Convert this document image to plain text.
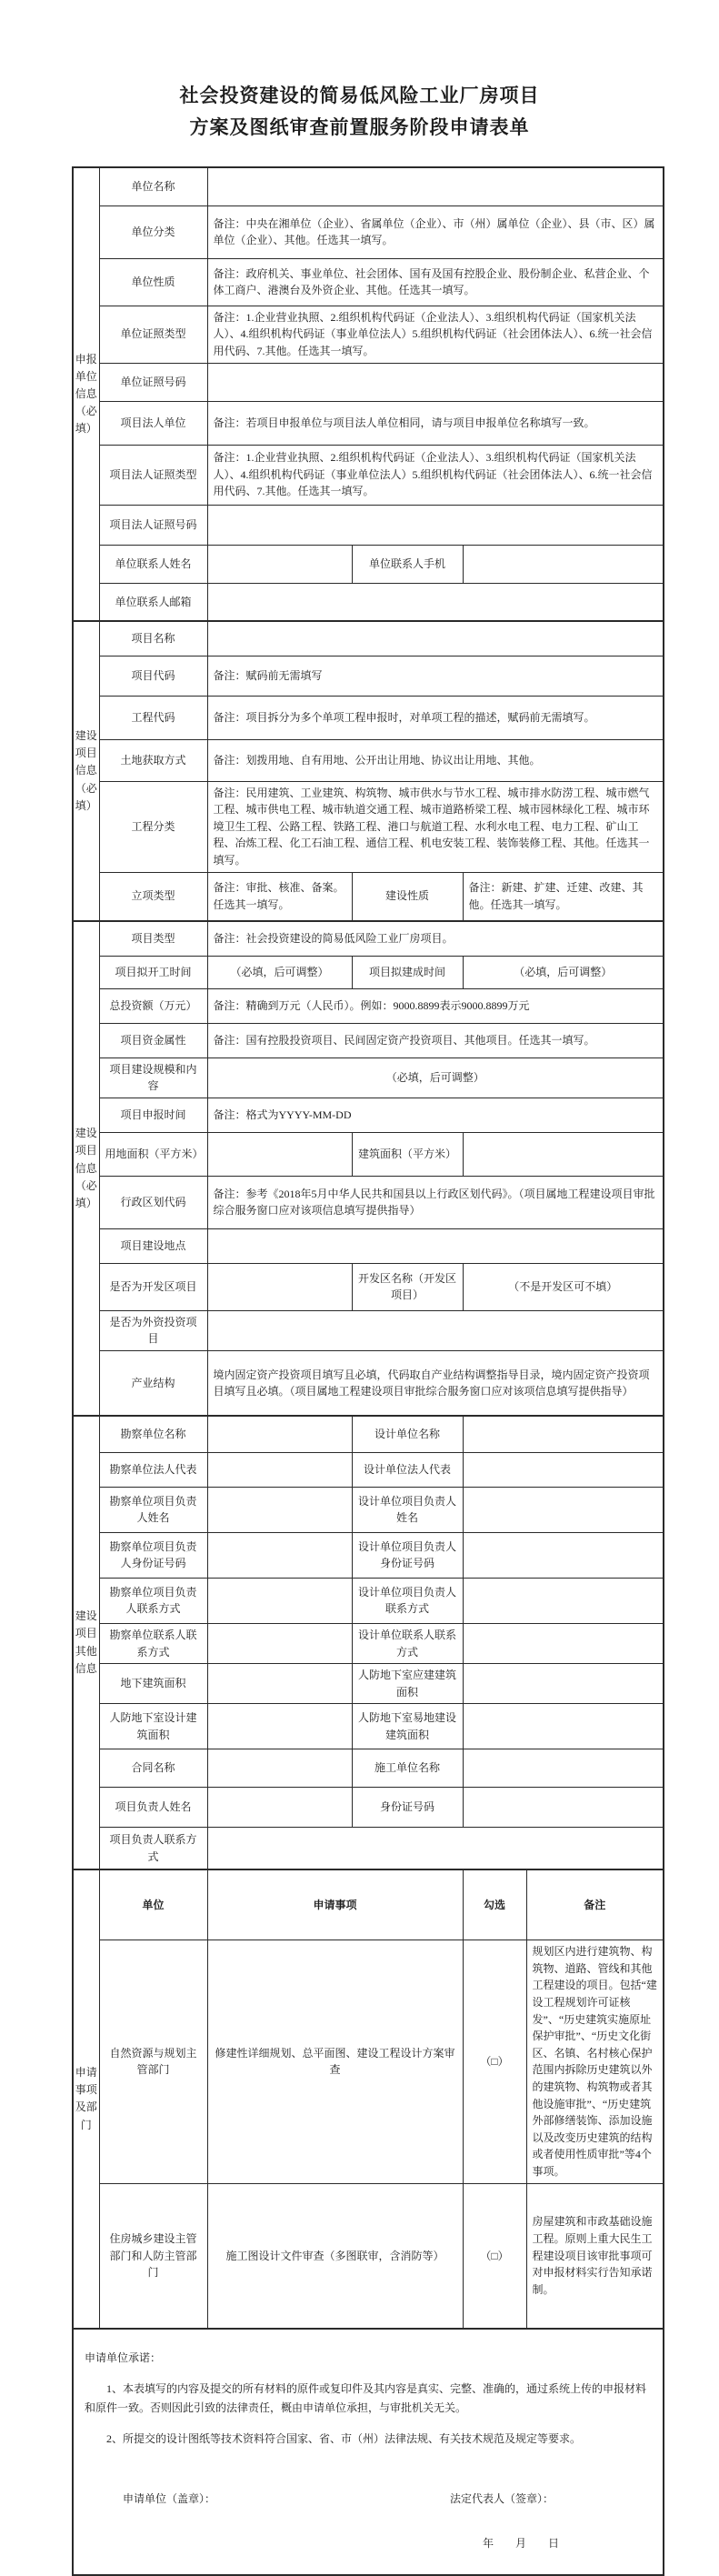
社会投资建设的简易低风险工业厂房项目
方案及图纸审查前置服务阶段申请表单
申报单位信息（必填）	单位名称				
	单位分类	备注：中央在湘单位（企业）、省属单位（企业）、市（州）属单位（企业）、县（市、区）属单位（企业）、其他。任选其一填写。			
	单位性质	备注：政府机关、事业单位、社会团体、国有及国有控股企业、股份制企业、私营企业、个体工商户、港澳台及外资企业、其他。任选其一填写。			
	单位证照类型	备注：1.企业营业执照、2.组织机构代码证（企业法人）、3.组织机构代码证（国家机关法人）、4.组织机构代码证（事业单位法人）5.组织机构代码证（社会团体法人）、6.统一社会信用代码、7.其他。任选其一填写。			
	单位证照号码				
	项目法人单位	备注：若项目申报单位与项目法人单位相同，请与项目申报单位名称填写一致。			
	项目法人证照类型	备注：1.企业营业执照、2.组织机构代码证（企业法人）、3.组织机构代码证（国家机关法人）、4.组织机构代码证（事业单位法人）5.组织机构代码证（社会团体法人）、6.统一社会信用代码、7.其他。任选其一填写。			
	项目法人证照号码				
	单位联系人姓名		单位联系人手机		
	单位联系人邮箱				
建设项目信息（必填）	项目名称				
	项目代码	备注：赋码前无需填写			
	工程代码	备注：项目拆分为多个单项工程申报时，对单项工程的描述，赋码前无需填写。			
	土地获取方式	备注：划拨用地、自有用地、公开出让用地、协议出让用地、其他。			
	工程分类	备注：民用建筑、工业建筑、构筑物、城市供水与节水工程、城市排水防涝工程、城市燃气工程、城市供电工程、城市轨道交通工程、城市道路桥梁工程、城市园林绿化工程、城市环境卫生工程、公路工程、铁路工程、港口与航道工程、水利水电工程、电力工程、矿山工程、冶炼工程、化工石油工程、通信工程、机电安装工程、装饰装修工程、其他。任选其一填写。			
	立项类型	备注：审批、核准、备案。任选其一填写。	建设性质	备注：新建、扩建、迁建、改建、其他。任选其一填写。	
建设项目信息（必填）	项目类型	备注：社会投资建设的简易低风险工业厂房项目。			
	项目拟开工时间	（必填，后可调整）	项目拟建成时间	（必填，后可调整）	
	总投资额（万元）	备注：精确到万元（人民币）。例如：9000.8899表示9000.8899万元			
	项目资金属性	备注：国有控股投资项目、民间固定资产投资项目、其他项目。任选其一填写。			
	项目建设规模和内容	（必填，后可调整）			
	项目申报时间	备注：格式为YYYY-MM-DD			
	用地面积（平方米）		建筑面积（平方米）		
	行政区划代码	备注：参考《2018年5月中华人民共和国县以上行政区划代码》。（项目属地工程建设项目审批综合服务窗口应对该项信息填写提供指导）			
	项目建设地点				
	是否为开发区项目		开发区名称（开发区项目）	（不是开发区可不填）	
	是否为外资投资项目				
	产业结构	境内固定资产投资项目填写且必填，代码取自产业结构调整指导目录，境内固定资产投资项目填写且必填。（项目属地工程建设项目审批综合服务窗口应对该项信息填写提供指导）			
建设项目其他信息	勘察单位名称		设计单位名称		
	勘察单位法人代表		设计单位法人代表		
	勘察单位项目负责人姓名		设计单位项目负责人姓名		
	勘察单位项目负责人身份证号码		设计单位项目负责人身份证号码		
	勘察单位项目负责人联系方式		设计单位项目负责人联系方式		
	勘察单位联系人联系方式		设计单位联系人联系方式		
	地下建筑面积		人防地下室应建建筑面积		
	人防地下室设计建筑面积		人防地下室易地建设建筑面积		
	合同名称		施工单位名称		
	项目负责人姓名		身份证号码		
	项目负责人联系方式				
申请事项及部门	单位	申请事项		勾选	备注
	自然资源与规划主管部门	修建性详细规划、总平面图、建设工程设计方案审查		（□）	规划区内进行建筑物、构筑物、道路、管线和其他工程建设的项目。包括“建设工程规划许可证核发”、“历史建筑实施原址保护审批”、“历史文化街区、名镇、名村核心保护范围内拆除历史建筑以外的建筑物、构筑物或者其他设施审批”、“历史建筑外部修缮装饰、添加设施以及改变历史建筑的结构或者使用性质审批”等4个事项。
	住房城乡建设主管部门和人防主管部门	施工图设计文件审查（多图联审，含消防等）		（□）	房屋建筑和市政基础设施工程。原则上重大民生工程建设项目该审批事项可对申报材料实行告知承诺制。

申请单位承诺：
1、本表填写的内容及提交的所有材料的原件或复印件及其内容是真实、完整、准确的，通过系统上传的申报材料和原件一致。否则因此引致的法律责任，概由申请单位承担，与审批机关无关。
2、所提交的设计图纸等技术资料符合国家、省、市（州）法律法规、有关技术规范及规定等要求。
申请单位（盖章）：	法定代表人（签章）：
年　月　日
